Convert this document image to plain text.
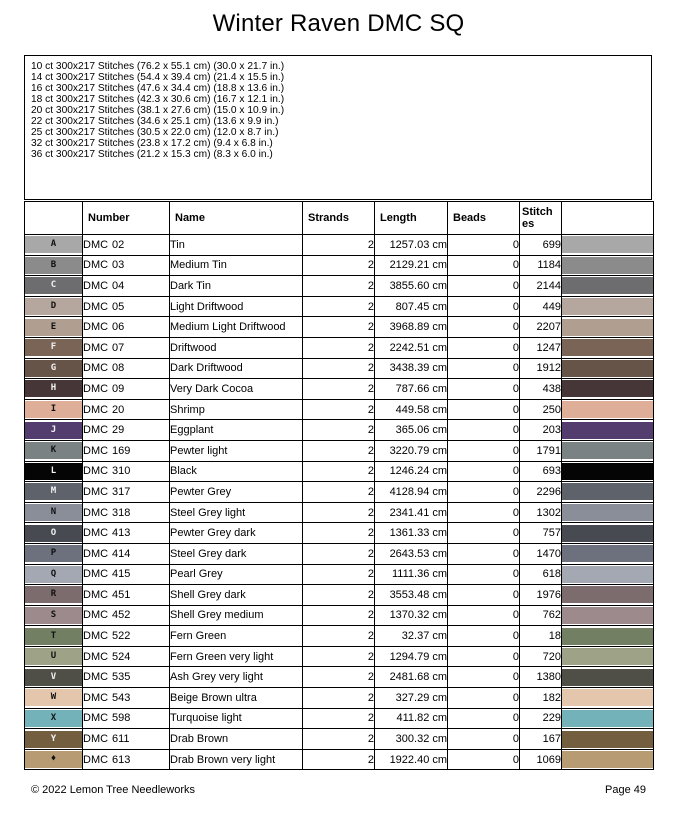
Winter Raven DMC SQ
10 ct 300x217 Stitches (76.2 x 55.1 cm) (30.0 x 21.7 in.)
14 ct 300x217 Stitches (54.4 x 39.4 cm) (21.4 x 15.5 in.)
16 ct 300x217 Stitches (47.6 x 34.4 cm) (18.8 x 13.6 in.)
18 ct 300x217 Stitches (42.3 x 30.6 cm) (16.7 x 12.1 in.)
20 ct 300x217 Stitches (38.1 x 27.6 cm) (15.0 x 10.9 in.)
22 ct 300x217 Stitches (34.6 x 25.1 cm) (13.6 x 9.9 in.)
25 ct 300x217 Stitches (30.5 x 22.0 cm) (12.0 x 8.7 in.)
32 ct 300x217 Stitches (23.8 x 17.2 cm) (9.4 x 6.8 in.)
36 ct 300x217 Stitches (21.2 x 15.3 cm) (8.3 x 6.0 in.)
	Number	Name	Strands	Length	Beads	Stitch es	

A	DMC 02	Tin	2	1257.03 cm	0	699	

B	DMC 03	Medium Tin	2	2129.21 cm	0	1184	

C	DMC 04	Dark Tin	2	3855.60 cm	0	2144	

D	DMC 05	Light Driftwood	2	807.45 cm	0	449	

E	DMC 06	Medium Light Driftwood	2	3968.89 cm	0	2207	

F	DMC 07	Driftwood	2	2242.51 cm	0	1247	

G	DMC 08	Dark Driftwood	2	3438.39 cm	0	1912	

H	DMC 09	Very Dark Cocoa	2	787.66 cm	0	438	

I	DMC 20	Shrimp	2	449.58 cm	0	250	

J	DMC 29	Eggplant	2	365.06 cm	0	203	

K	DMC 169	Pewter light	2	3220.79 cm	0	1791	

L	DMC 310	Black	2	1246.24 cm	0	693	

M	DMC 317	Pewter Grey	2	4128.94 cm	0	2296	

N	DMC 318	Steel Grey light	2	2341.41 cm	0	1302	

O	DMC 413	Pewter Grey dark	2	1361.33 cm	0	757	

P	DMC 414	Steel Grey dark	2	2643.53 cm	0	1470	

Q	DMC 415	Pearl Grey	2	1111.36 cm	0	618	

R	DMC 451	Shell Grey dark	2	3553.48 cm	0	1976	

S	DMC 452	Shell Grey medium	2	1370.32 cm	0	762	

T	DMC 522	Fern Green	2	32.37 cm	0	18	

U	DMC 524	Fern Green very light	2	1294.79 cm	0	720	

V	DMC 535	Ash Grey very light	2	2481.68 cm	0	1380	

W	DMC 543	Beige Brown ultra	2	327.29 cm	0	182	

X	DMC 598	Turquoise light	2	411.82 cm	0	229	

Y	DMC 611	Drab Brown	2	300.32 cm	0	167	

♦	DMC 613	Drab Brown very light	2	1922.40 cm	0	1069	
© 2022 Lemon Tree Needleworks	Page 49
